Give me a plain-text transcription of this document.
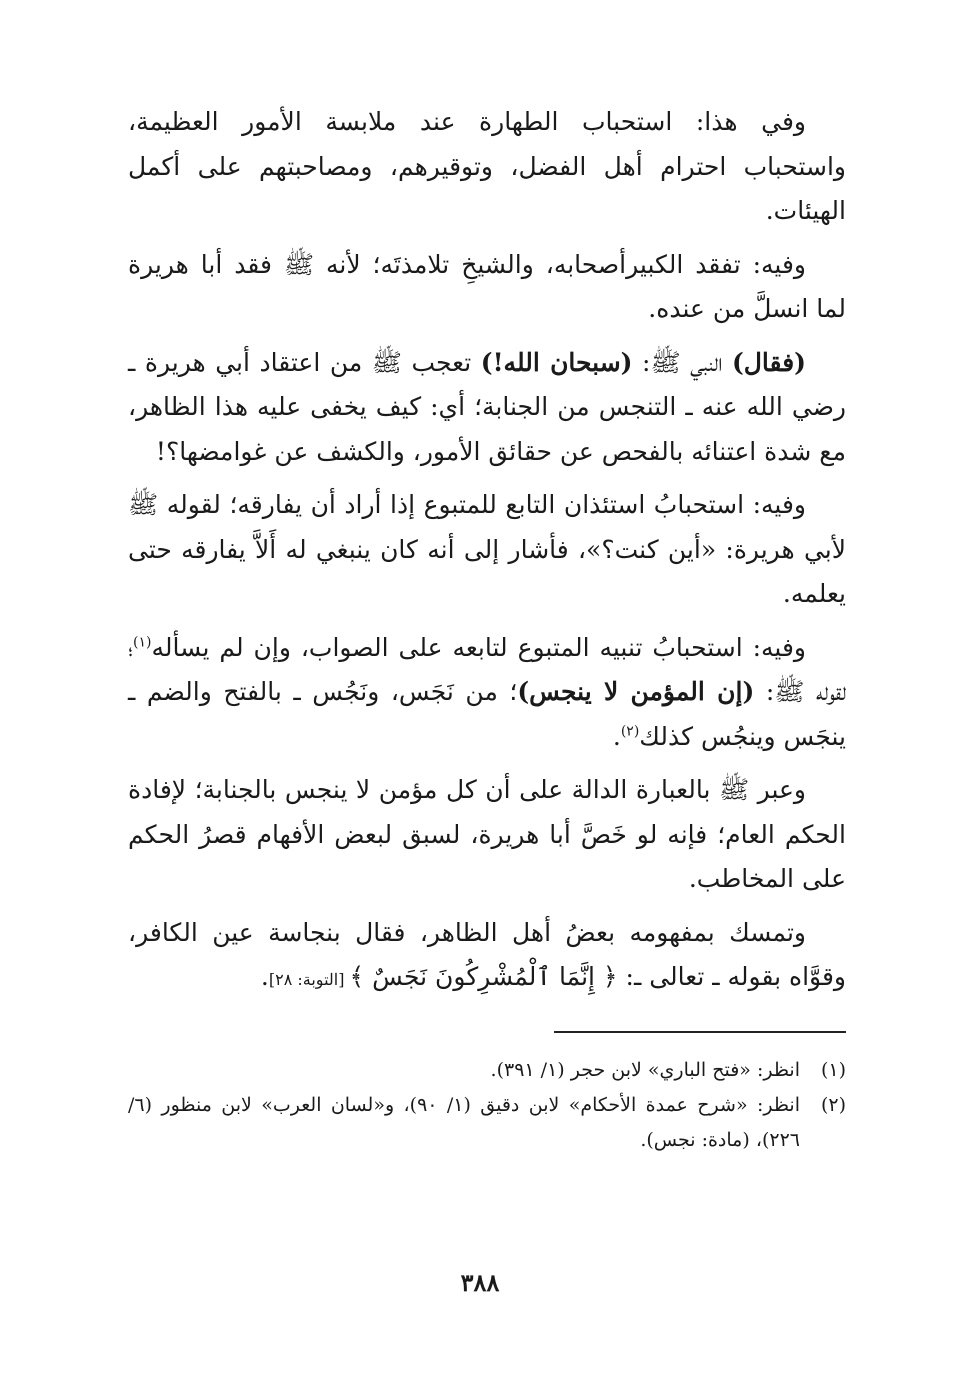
وفي هذا: استحباب الطهارة عند ملابسة الأمور العظيمة، واستحباب احترام أهل الفضل، وتوقيرهم، ومصاحبتهم على أكمل الهيئات.

وفيه: تفقد الكبيرأصحابه، والشيخِ تلامذتَه؛ لأنه ﷺ فقد أبا هريرة لما انسلَّ من عنده.

(فقال) النبي ﷺ: (سبحان الله!) تعجب ﷺ من اعتقاد أبي هريرة ـ رضي الله عنه ـ التنجس من الجنابة؛ أي: كيف يخفى عليه هذا الظاهر، مع شدة اعتنائه بالفحص عن حقائق الأمور، والكشف عن غوامضها؟!

وفيه: استحبابُ استئذان التابع للمتبوع إذا أراد أن يفارقه؛ لقوله ﷺ لأبي هريرة: «أين كنت؟»، فأشار إلى أنه كان ينبغي له أَلاَّ يفارقه حتى يعلمه.

وفيه: استحبابُ تنبيه المتبوع لتابعه على الصواب، وإن لم يسأله$^{(١)}$؛ لقوله ﷺ: (إن المؤمن لا ينجس)؛ من نَجَس، ونَجُس ـ بالفتح والضم ـ ينجَس وينجُس كذلك$^{(٢)}$.

وعبر ﷺ بالعبارة الدالة على أن كل مؤمن لا ينجس بالجنابة؛ لإفادة الحكم العام؛ فإنه لو خَصَّ أبا هريرة، لسبق لبعض الأفهام قصرُ الحكم على المخاطب.

وتمسك بمفهومه بعضُ أهل الظاهر، فقال بنجاسة عين الكافر، وقوَّاه بقوله ـ تعالى ـ: ﴿ إِنَّمَا ٱلْمُشْرِكُونَ نَجَسٌ ﴾ [التوبة: ٢٨].

(١)
انظر: «فتح الباري» لابن حجر (١/ ٣٩١).
(٢)
انظر: «شرح عمدة الأحكام» لابن دقيق (١/ ٩٠)، و«لسان العرب» لابن منظور (٦/ ٢٢٦)، (مادة: نجس).
٣٨٨
